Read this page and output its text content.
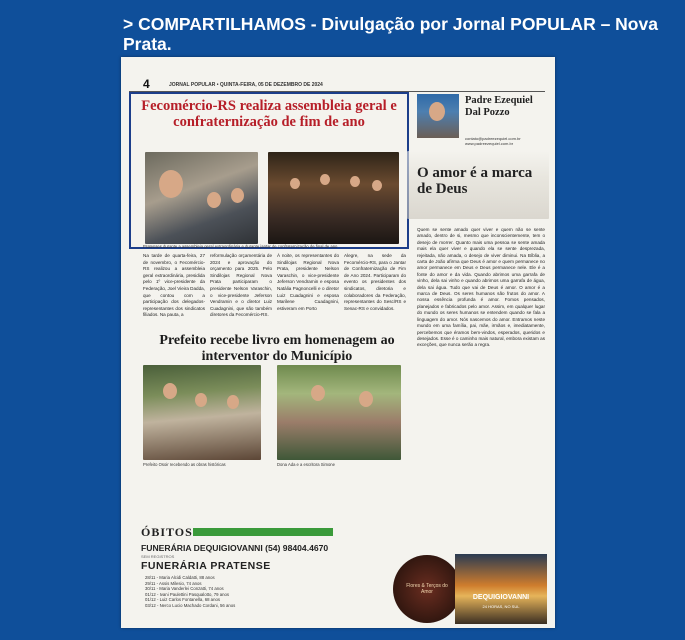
> COMPARTILHAMOS - Divulgação por Jornal POPULAR – Nova Prata.
4	JORNAL POPULAR • QUINTA-FEIRA, 05 DE DEZEMBRO DE 2024
Fecomércio-RS realiza assembleia geral e confraternização de fim de ano
Pratenses durante a assembleia geral extraordinária e durante jantar de confraternização de final de ano
Na tarde de quarta-feira, 27 de novembro, o Fecomércio-RS realizou a assembleia geral extraordinária, presidida pelo 1º vice-presidente da Federação, Joel Vieira Dadda, que contou com a participação dos delegados-representantes dos sindicatos filiados. Na pauta, a
reformulação orçamentária de 2024 e aprovação do orçamento para 2025. Pelo Sindilojas Regional Nova Prata participaram o presidente Nelson Varaschin, o vice-presidente Jeferson Vendramin e o diretor Luiz Cuadagnini, que são também diretores da Fecomércio-RS.
À noite, os representantes do Sindilojas Regional Nova Prata, presidente Nelson Varaschin, o vice-presidente Jeferson Vendramin e esposa Natália Pagnoncelli e o diretor Luiz Cuadagnini e esposa Marilene Cuadagnini, estiveram em Porto
Alegre, na sede da Fecomércio-RS, para o Jantar de Confraternização de Fim de Ano 2024. Participaram do evento os presidentes dos sindicatos, diretoria e colaboradores da Federação, representantes do Sesc/RS e Senac-RS e convidados.
Prefeito recebe livro em homenagem ao interventor do Município
Prefeito Osoir recebendo as obras históricas	Dona Ada e a escritora Simone
ÓBITOS
FUNERÁRIA DEQUIGIOVANNI (54) 98404.4670
SEM REGISTROS
FUNERÁRIA PRATENSE
28/11 - Maria Alcidi Caldatti, 88 anos
29/11 - Assis Milesio, 74 anos
30/11 - Maria Vanderlei Conzatti, 74 anos
01/12 - Ivani Paulettini Pasqualotto, 79 anos
01/12 - Luiz Carlos Fontanella, 68 anos
03/12 - Nerco Lucio Machado Cordani, 56 anos
Padre Ezequiel Dal Pozzo
contato@padreezequiel.com.br
www.padreezequiel.com.br
O amor é a marca de Deus
Quem se sente amado quer viver e quem não se sente amado, dentro de si, mesmo que inconscientemente, tem o desejo de morrer. Quanto mais uma pessoa se sente amada mais ela quer viver e quando ela se sente desprezada, rejeitada, não amada, o desejo de viver diminui. Na Bíblia, a carta de João afirma que Deus é amor e quem permanece no amor permanece em Deus e Deus permanece nele. Ele é a fonte do amor e da vida. Quando abrimos uma garrafa de vinho, dela sai vinho e quando abrimos uma garrafa de água, dela sai água. Tudo que vai de Deus é amor. O amor é a marca de Deus. Os seres humanos são frutos do amor. A nossa essência profunda é amor. Fomos pensados, planejados e fabricados pelo amor. Assim, em qualquer lugar do mundo os seres humanos se entendem quando se fala a linguagem do amor. Nós nascemos do amor. Entramos neste mundo em uma família, pai, mãe, irmãos e, imediatamente, percebemos que éramos bem-vindos, esperados, queridos e desejados. Esse é o caminho mais natural, embora existam as exceções, que nunca serão a regra.
Flores & Terços do Amor
DEQUIGIOVANNI
24 HORAS, NO SUL
